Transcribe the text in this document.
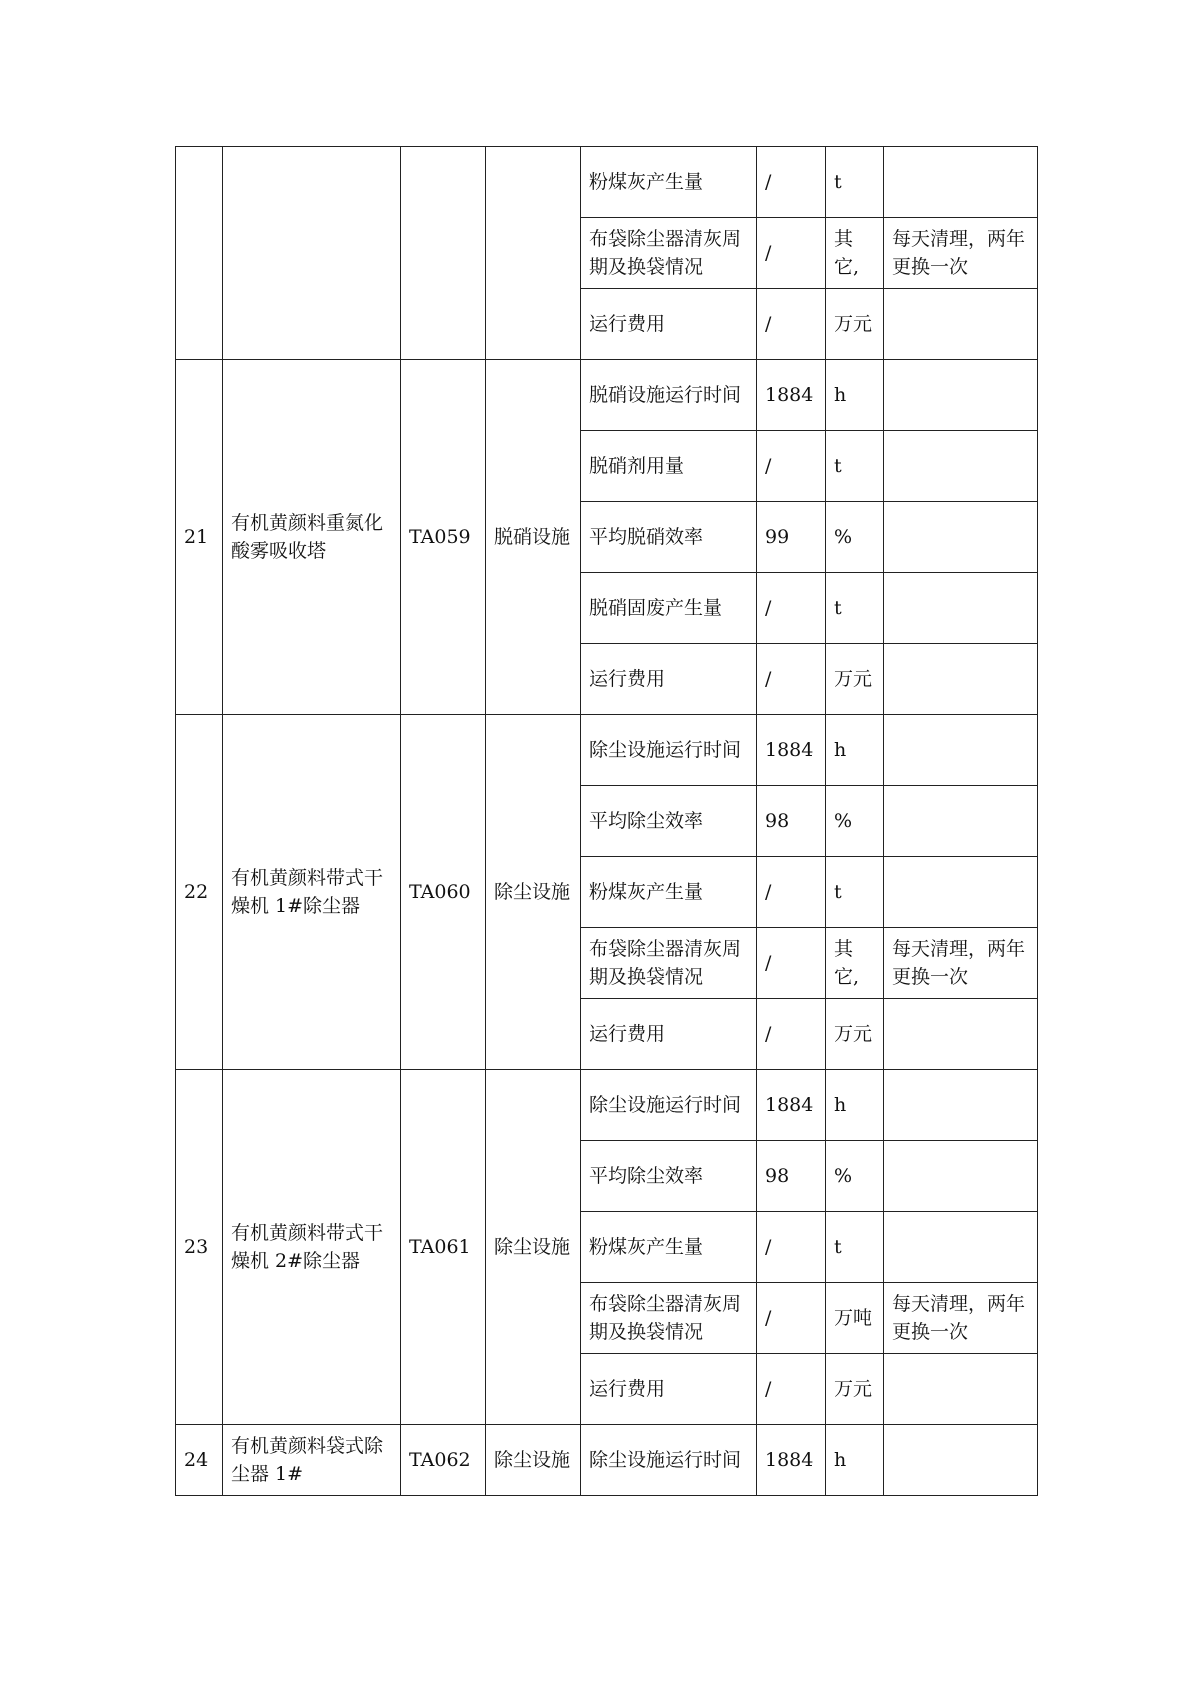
				粉煤灰产生量	/	t	
				布袋除尘器清灰周期及换袋情况	/	其它,	每天清理，两年更换一次
				运行费用	/	万元	
21	有机黄颜料重氮化酸雾吸收塔	TA059	脱硝设施	脱硝设施运行时间	1884	h	
				脱硝剂用量	/	t	
				平均脱硝效率	99	%	
				脱硝固废产生量	/	t	
				运行费用	/	万元	
22	有机黄颜料带式干燥机 1#除尘器	TA060	除尘设施	除尘设施运行时间	1884	h	
				平均除尘效率	98	%	
				粉煤灰产生量	/	t	
				布袋除尘器清灰周期及换袋情况	/	其它,	每天清理，两年更换一次
				运行费用	/	万元	
23	有机黄颜料带式干燥机 2#除尘器	TA061	除尘设施	除尘设施运行时间	1884	h	
				平均除尘效率	98	%	
				粉煤灰产生量	/	t	
				布袋除尘器清灰周期及换袋情况	/	万吨	每天清理，两年更换一次
				运行费用	/	万元	
24	有机黄颜料袋式除尘器 1#	TA062	除尘设施	除尘设施运行时间	1884	h	
